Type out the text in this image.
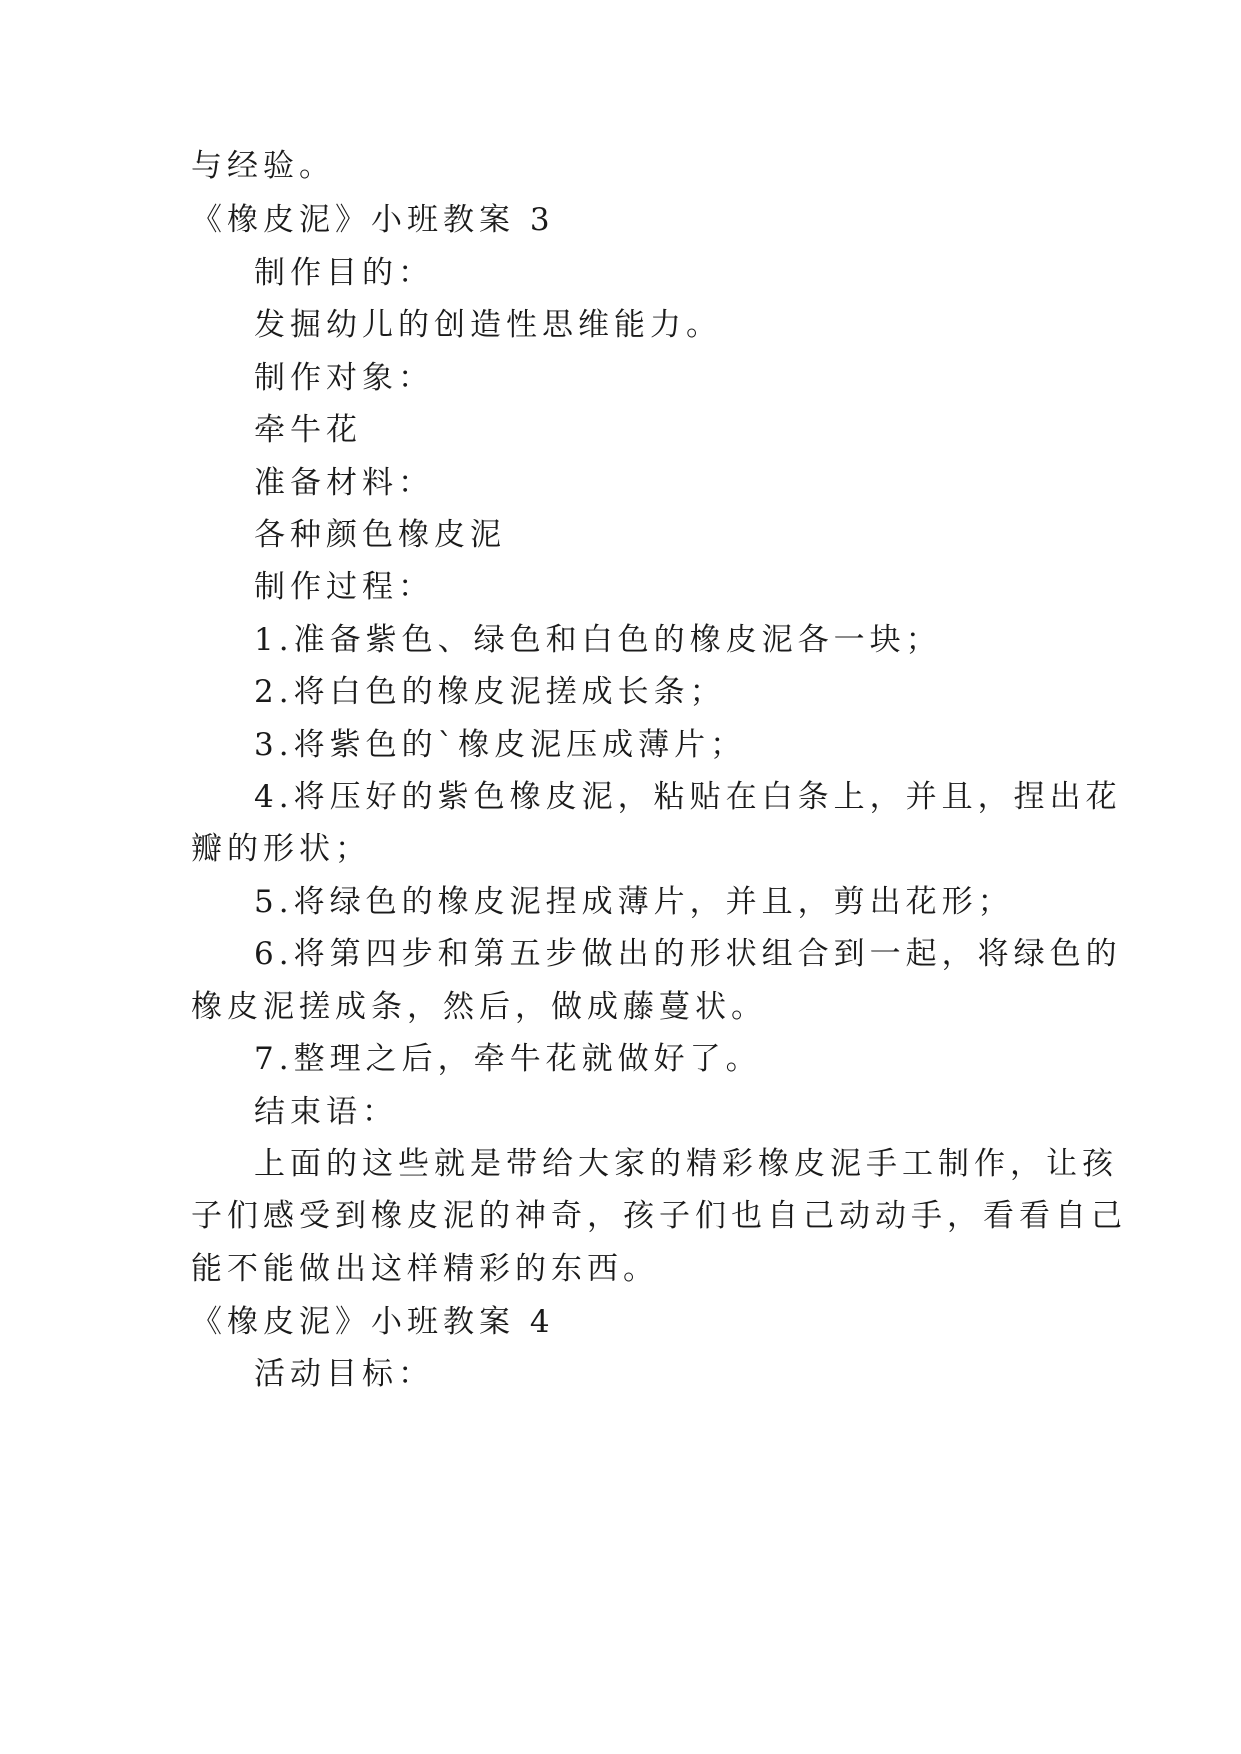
与经验。
《橡皮泥》小班教案 3
制作目的：
发掘幼儿的创造性思维能力。
制作对象：
牵牛花
准备材料：
各种颜色橡皮泥
制作过程：
1.准备紫色、绿色和白色的橡皮泥各一块；
2.将白色的橡皮泥搓成长条；
3.将紫色的`橡皮泥压成薄片；
4.将压好的紫色橡皮泥，粘贴在白条上，并且，捏出花
瓣的形状；
5.将绿色的橡皮泥捏成薄片，并且，剪出花形；
6.将第四步和第五步做出的形状组合到一起，将绿色的
橡皮泥搓成条，然后，做成藤蔓状。
7.整理之后，牵牛花就做好了。
结束语：
上面的这些就是带给大家的精彩橡皮泥手工制作，让孩
子们感受到橡皮泥的神奇，孩子们也自己动动手，看看自己
能不能做出这样精彩的东西。
《橡皮泥》小班教案 4
活动目标：
